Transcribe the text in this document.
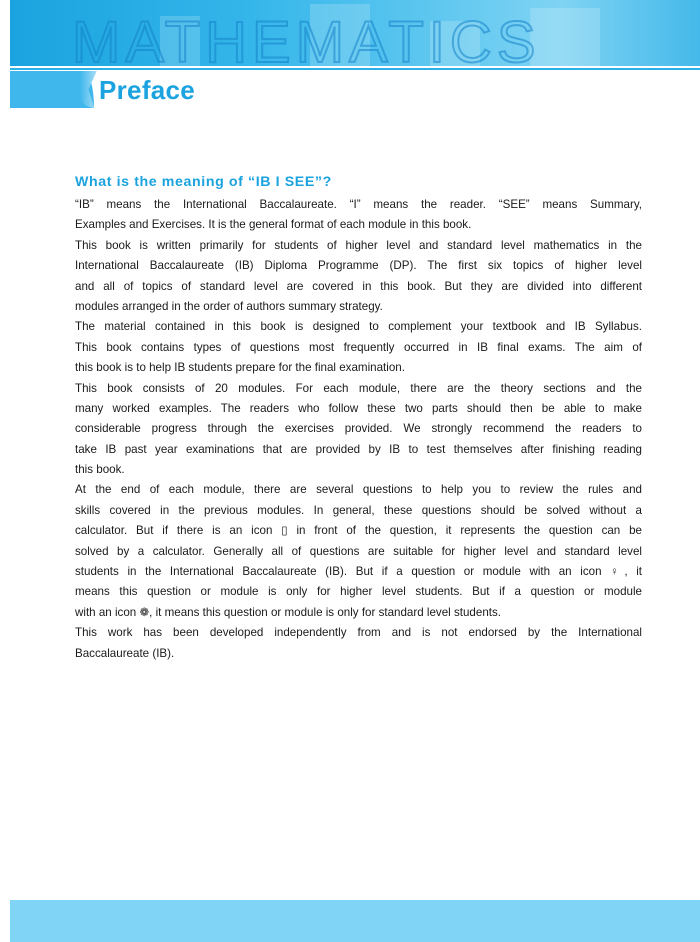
MATHEMATICS
Preface
What is the meaning of “IB I SEE”?
“IB” means the International Baccalaureate. “I” means the reader. “SEE” means Summary,
Examples and Exercises. It is the general format of each module in this book.
This book is written primarily for students of higher level and standard level mathematics in the
International Baccalaureate (IB) Diploma Programme (DP). The first six topics of higher level
and all of topics of standard level are covered in this book. But they are divided into different
modules arranged in the order of authors summary strategy.
The material contained in this book is designed to complement your textbook and IB Syllabus.
This book contains types of questions most frequently occurred in IB final exams. The aim of
this book is to help IB students prepare for the final examination.
This book consists of 20 modules. For each module, there are the theory sections and the
many worked examples. The readers who follow these two parts should then be able to make
considerable progress through the exercises provided. We strongly recommend the readers to
take IB past year examinations that are provided by IB to test themselves after finishing reading
this book.
At the end of each module, there are several questions to help you to review the rules and
skills covered in the previous modules. In general, these questions should be solved without a
calculator. But if there is an icon ▯ in front of the question, it represents the question can be
solved by a calculator. Generally all of questions are suitable for higher level and standard level
students in the International Baccalaureate (IB). But if a question or module with an icon ♀, it
means this question or module is only for higher level students. But if a question or module
with an icon ❁, it means this question or module is only for standard level students.
This work has been developed independently from and is not endorsed by the International
Baccalaureate (IB).
